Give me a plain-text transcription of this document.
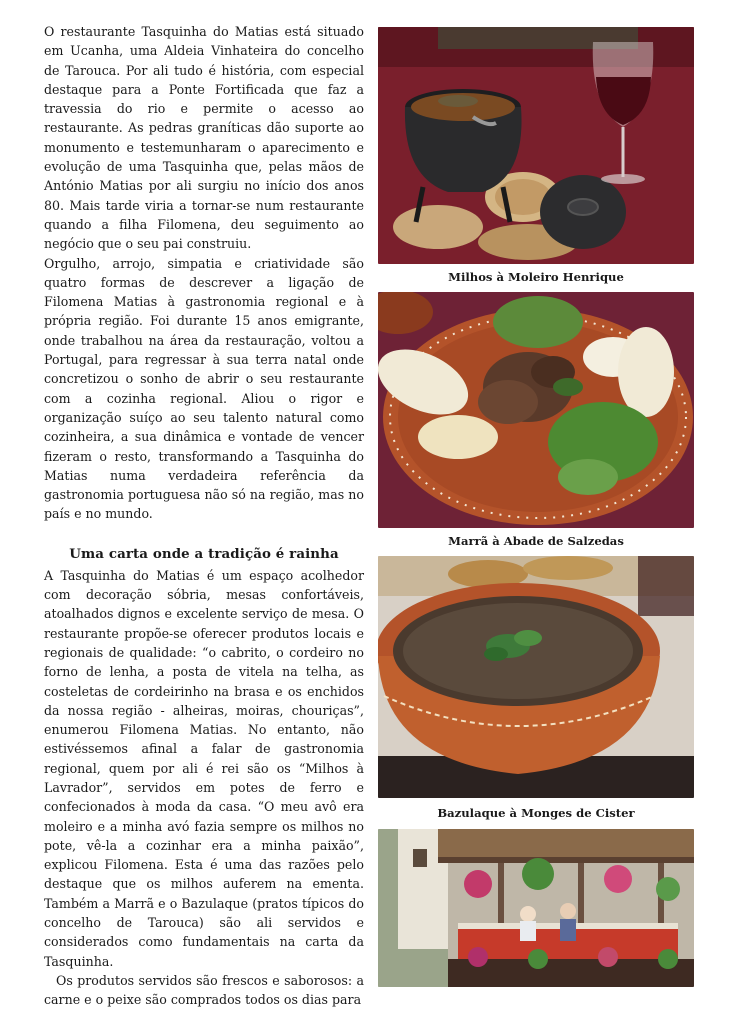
O restaurante Tasquinha do Matias está situado em Ucanha, uma Aldeia Vinhateira do concelho de Tarouca. Por ali tudo é história, com especial destaque para a Ponte Fortificada que faz a travessia do rio e permite o acesso ao restaurante. As pedras graníticas dão suporte ao monumento e testemunharam o aparecimento e evolução de uma Tasquinha que, pelas mãos de António Matias por ali surgiu no início dos anos 80. Mais tarde viria a tornar-se num restaurante quando a filha Filomena, deu seguimento ao negócio que o seu pai construiu.

Orgulho, arrojo, simpatia e criatividade são quatro formas de descrever a ligação de Filomena Matias à gastronomia regional e à própria região. Foi durante 15 anos emigrante, onde trabalhou na área da restauração, voltou a Portugal, para regressar à sua terra natal onde concretizou o sonho de abrir o seu restaurante com a cozinha regional. Aliou o rigor e organização suíço ao seu talento natural como cozinheira, a sua dinâmica e vontade de vencer fizeram o resto, transformando a Tasquinha do Matias numa verdadeira referência da gastronomia portuguesa não só na região, mas no país e no mundo.

Uma carta onde a tradição é rainha

A Tasquinha do Matias é um espaço acolhedor com decoração sóbria, mesas confortáveis, atoalhados dignos e excelente serviço de mesa. O restaurante propõe-se oferecer produtos locais e regionais de qualidade: “o cabrito, o cordeiro no forno de lenha, a posta de vitela na telha, as costeletas de cordeirinho na brasa e os enchidos da nossa região - alheiras, moiras, chouriças”, enumerou Filomena Matias. No entanto, não estivéssemos afinal a falar de gastronomia regional, quem por ali é rei são os “Milhos à Lavrador”, servidos em potes de ferro e confecionados à moda da casa. “O meu avô era moleiro e a minha avó fazia sempre os milhos no pote, vê-la a cozinhar era a minha paixão”, explicou Filomena. Esta é uma das razões pelo destaque que os milhos auferem na ementa. Também a Marrã e o Bazulaque (pratos típicos do concelho de Tarouca) são ali servidos e considerados como fundamentais na carta da Tasquinha.

Os produtos servidos são frescos e saborosos: a carne e o peixe são comprados todos os dias para

Milhos à Moleiro Henrique
Marrã à Abade de Salzedas
Bazulaque à Monges de Cister
